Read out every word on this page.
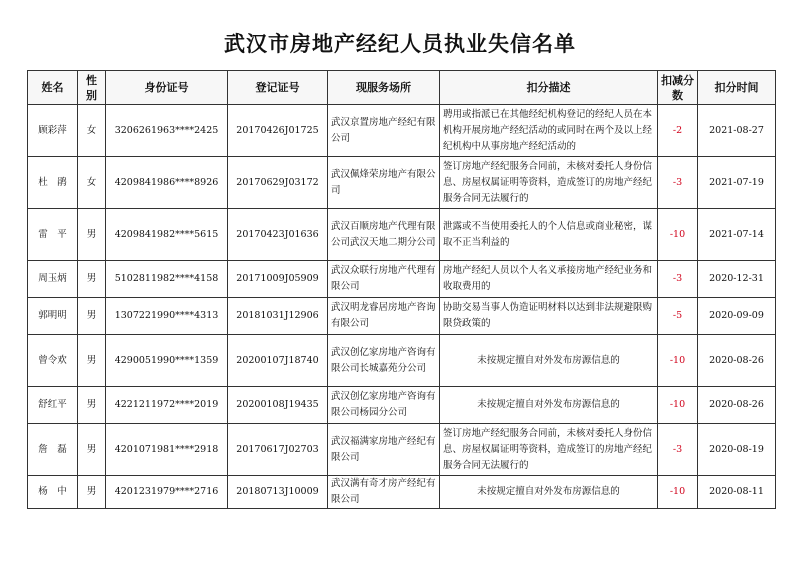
武汉市房地产经纪人员执业失信名单
姓名	性别	身份证号	登记证号	现服务场所	扣分描述	扣减分数	扣分时间
顾彩萍	女	3206261963****2425	20170426J01725	武汉京置房地产经纪有限公司	聘用或指派已在其他经纪机构登记的经纪人员在本机构开展房地产经纪活动的或同时在两个及以上经纪机构中从事房地产经纪活动的	-2	2021-08-27
杜　鹃	女	4209841986****8926	20170629J03172	武汉佩烽荣房地产有限公司	签订房地产经纪服务合同前，未核对委托人身份信息、房屋权属证明等资料，造成签订的房地产经纪服务合同无法履行的	-3	2021-07-19
雷　平	男	4209841982****5615	20170423J01636	武汉百顺房地产代理有限公司武汉天地二期分公司	泄露或不当使用委托人的个人信息或商业秘密，谋取不正当利益的	-10	2021-07-14
周玉炳	男	5102811982****4158	20171009J05909	武汉众联行房地产代理有限公司	房地产经纪人员以个人名义承接房地产经纪业务和收取费用的	-3	2020-12-31
郭明明	男	1307221990****4313	20181031J12906	武汉明龙睿居房地产咨询有限公司	协助交易当事人伪造证明材料以达到非法规避限购限贷政策的	-5	2020-09-09
曾令欢	男	4290051990****1359	20200107J18740	武汉创亿家房地产咨询有限公司长城嘉苑分公司	未按规定擅自对外发布房源信息的	-10	2020-08-26
舒红平	男	4221211972****2019	20200108J19435	武汉创亿家房地产咨询有限公司杨园分公司	未按规定擅自对外发布房源信息的	-10	2020-08-26
詹　磊	男	4201071981****2918	20170617J02703	武汉福满家房地产经纪有限公司	签订房地产经纪服务合同前，未核对委托人身份信息、房屋权属证明等资料，造成签订的房地产经纪服务合同无法履行的	-3	2020-08-19
杨　中	男	4201231979****2716	20180713J10009	武汉满有奇才房产经纪有限公司	未按规定擅自对外发布房源信息的	-10	2020-08-11
